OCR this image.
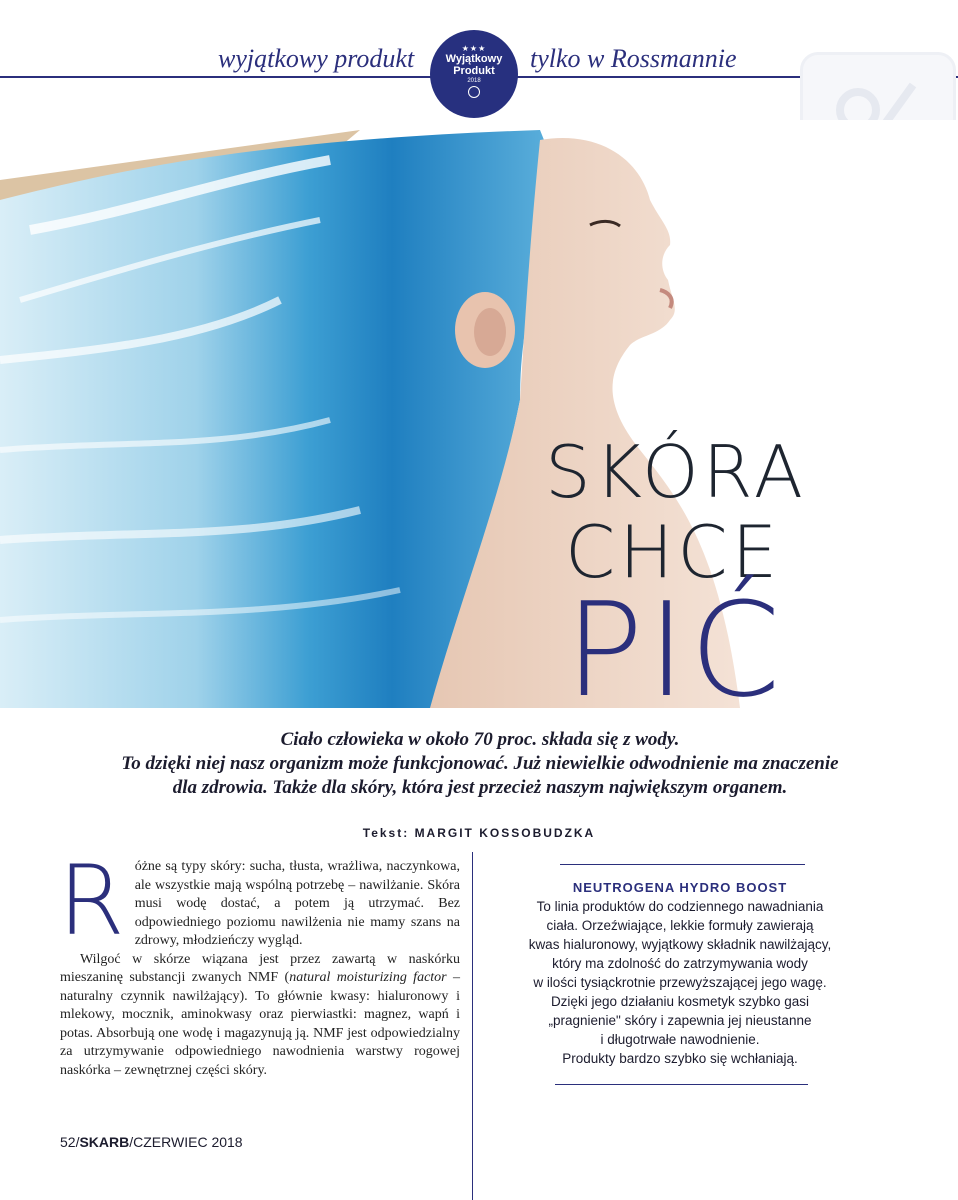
wyjątkowy produkt	tylko w Rossmannie
★★★
Wyjątkowy
Produkt
2018
SKÓRA
CHCE
PIĆ
Ciało człowieka w około 70 proc. składa się z wody.
To dzięki niej nasz organizm może funkcjonować. Już niewielkie odwodnienie ma znaczenie
dla zdrowia. Także dla skóry, która jest przecież naszym największym organem.
Tekst: MARGIT KOSSOBUDZKA

Różne są typy skóry: sucha, tłusta, wrażliwa, naczynkowa, ale wszystkie mają wspólną potrzebę – nawilżanie. Skóra musi wodę dostać, a potem ją utrzymać. Bez odpowiedniego poziomu nawilżenia nie mamy szans na zdrowy, młodzieńczy wygląd.

Wilgoć w skórze wiązana jest przez zawartą w naskórku mieszaninę substancji zwanych NMF (natural moisturizing factor – naturalny czynnik nawilżający). To głównie kwasy: hialuronowy i mlekowy, mocznik, aminokwasy oraz pierwiastki: magnez, wapń i potas. Absorbują one wodę i magazynują ją. NMF jest odpowiedzialny za utrzymywanie odpowiedniego nawodnienia warstwy rogowej naskórka – zewnętrznej części skóry.

NEUTROGENA HYDRO BOOST
To linia produktów do codziennego nawadniania
ciała. Orzeźwiające, lekkie formuły zawierają
kwas hialuronowy, wyjątkowy składnik nawilżający,
który ma zdolność do zatrzymywania wody
w ilości tysiąckrotnie przewyższającej jego wagę.
Dzięki jego działaniu kosmetyk szybko gasi
„pragnienie" skóry i zapewnia jej nieustanne
i długotrwałe nawodnienie.
Produkty bardzo szybko się wchłaniają.
52/SKARB/CZERWIEC 2018
